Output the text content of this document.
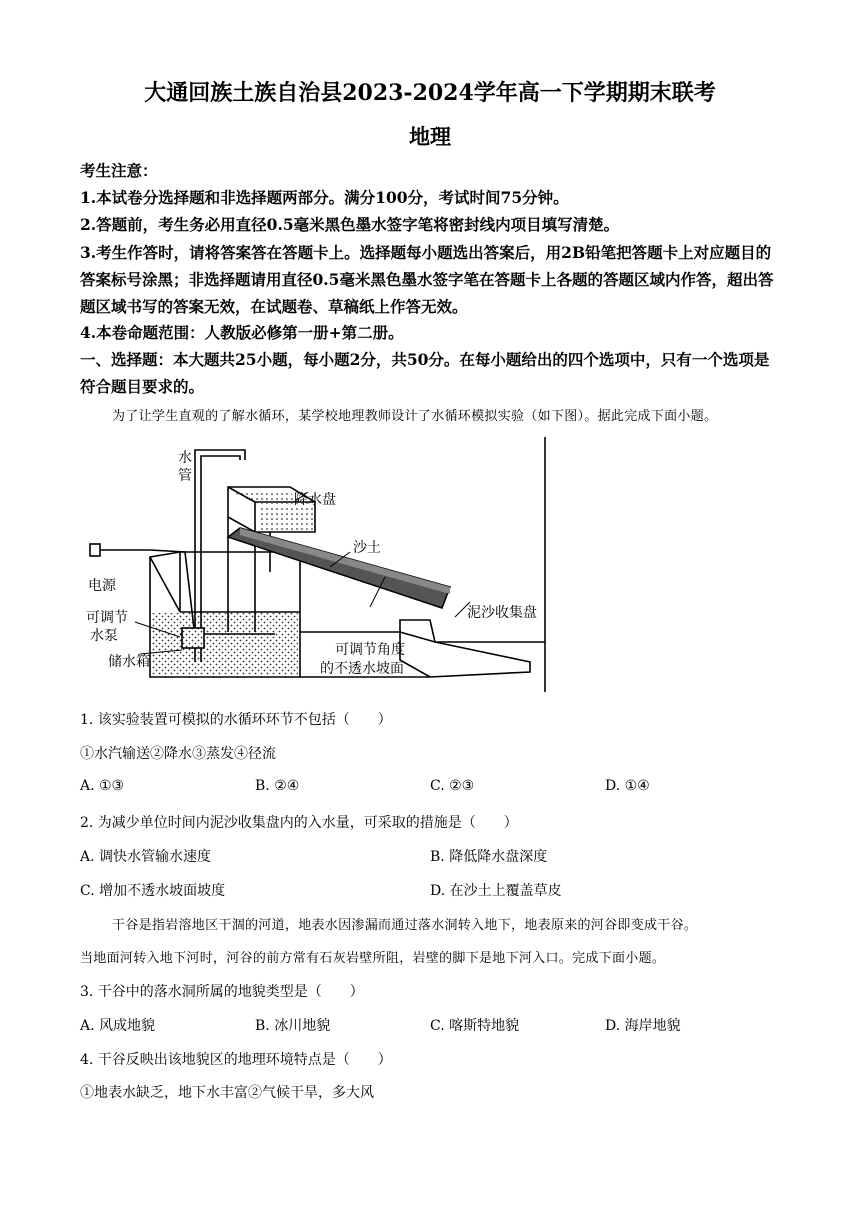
大通回族土族自治县2023-2024学年高一下学期期末联考
地理
考生注意：
1.本试卷分选择题和非选择题两部分。满分100分，考试时间75分钟。
2.答题前，考生务必用直径0.5毫米黑色墨水签字笔将密封线内项目填写清楚。
3.考生作答时，请将答案答在答题卡上。选择题每小题选出答案后，用2B铅笔把答题卡上对应题目的答案标号涂黑；非选择题请用直径0.5毫米黑色墨水签字笔在答题卡上各题的答题区域内作答，超出答题区域书写的答案无效，在试题卷、草稿纸上作答无效。
4.本卷命题范围：人教版必修第一册+第二册。
一、选择题：本大题共25小题，每小题2分，共50分。在每小题给出的四个选项中，只有一个选项是符合题目要求的。
为了让学生直观的了解水循环，某学校地理教师设计了水循环模拟实验（如下图）。据此完成下面小题。
水
管
降水盘
沙土
电源
可调节
水泵
储水箱
可调节角度
的不透水坡面
泥沙收集盘
1. 该实验装置可模拟的水循环环节不包括（　　）
①水汽输送②降水③蒸发④径流
A. ①③	B. ②④	C. ②③	D. ①④
2. 为减少单位时间内泥沙收集盘内的入水量，可采取的措施是（　　）
A. 调快水管输水速度	B. 降低降水盘深度
C. 增加不透水坡面坡度	D. 在沙土上覆盖草皮
干谷是指岩溶地区干涸的河道，地表水因渗漏而通过落水洞转入地下，地表原来的河谷即变成干谷。
当地面河转入地下河时，河谷的前方常有石灰岩壁所阻，岩壁的脚下是地下河入口。完成下面小题。
3. 干谷中的落水洞所属的地貌类型是（　　）
A. 风成地貌	B. 冰川地貌	C. 喀斯特地貌	D. 海岸地貌
4. 干谷反映出该地貌区的地理环境特点是（　　）
①地表水缺乏，地下水丰富②气候干旱，多大风
